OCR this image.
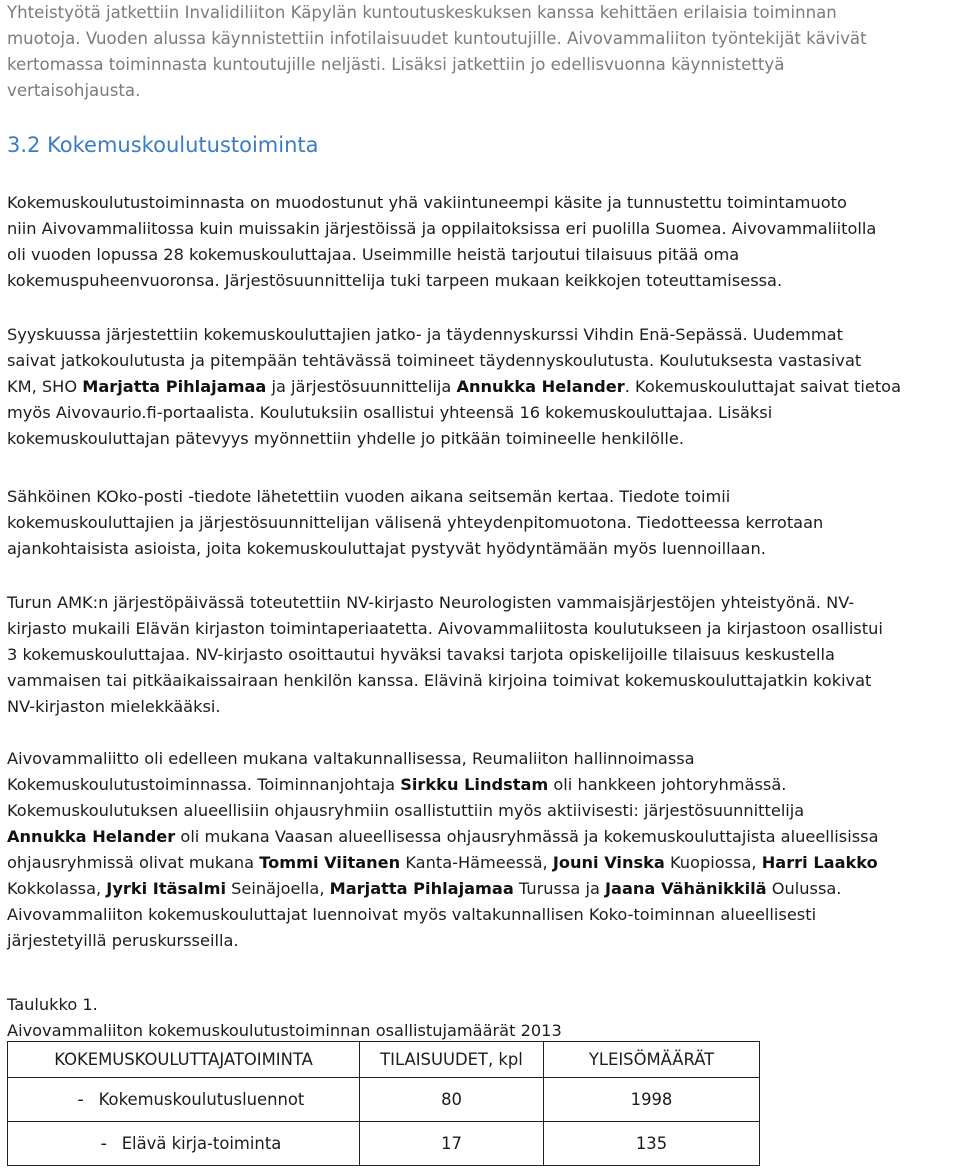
Yhteistyötä jatkettiin Invalidiliiton Käpylän kuntoutuskeskuksen kanssa kehittäen erilaisia toiminnan
muotoja. Vuoden alussa käynnistettiin infotilaisuudet kuntoutujille. Aivovammaliiton työntekijät kävivät
kertomassa toiminnasta kuntoutujille neljästi. Lisäksi jatkettiin jo edellisvuonna käynnistettyä
vertaisohjausta.

3.2 Kokemuskoulutustoiminta

Kokemuskoulutustoiminnasta on muodostunut yhä vakiintuneempi käsite ja tunnustettu toimintamuoto
niin Aivovammaliitossa kuin muissakin järjestöissä ja oppilaitoksissa eri puolilla Suomea. Aivovammaliitolla
oli vuoden lopussa 28 kokemuskouluttajaa. Useimmille heistä tarjoutui tilaisuus pitää oma
kokemuspuheenvuoronsa. Järjestösuunnittelija tuki tarpeen mukaan keikkojen toteuttamisessa.

Syyskuussa järjestettiin kokemuskouluttajien jatko- ja täydennyskurssi Vihdin Enä-Sepässä. Uudemmat
saivat jatkokoulutusta ja pitempään tehtävässä toimineet täydennyskoulutusta. Koulutuksesta vastasivat
KM, SHO Marjatta Pihlajamaa ja järjestösuunnittelija Annukka Helander. Kokemuskouluttajat saivat tietoa
myös Aivovaurio.fi-portaalista. Koulutuksiin osallistui yhteensä 16 kokemuskouluttajaa. Lisäksi
kokemuskouluttajan pätevyys myönnettiin yhdelle jo pitkään toimineelle henkilölle.

Sähköinen KOko-posti -tiedote lähetettiin vuoden aikana seitsemän kertaa. Tiedote toimii
kokemuskouluttajien ja järjestösuunnittelijan välisenä yhteydenpitomuotona. Tiedotteessa kerrotaan
ajankohtaisista asioista, joita kokemuskouluttajat pystyvät hyödyntämään myös luennoillaan.

Turun AMK:n järjestöpäivässä toteutettiin NV-kirjasto Neurologisten vammaisjärjestöjen yhteistyönä. NV-
kirjasto mukaili Elävän kirjaston toimintaperiaatetta. Aivovammaliitosta koulutukseen ja kirjastoon osallistui
3 kokemuskouluttajaa. NV-kirjasto osoittautui hyväksi tavaksi tarjota opiskelijoille tilaisuus keskustella
vammaisen tai pitkäaikaissairaan henkilön kanssa. Elävinä kirjoina toimivat kokemuskouluttajatkin kokivat
NV-kirjaston mielekkääksi.

Aivovammaliitto oli edelleen mukana valtakunnallisessa, Reumaliiton hallinnoimassa
Kokemuskoulutustoiminnassa. Toiminnanjohtaja Sirkku Lindstam oli hankkeen johtoryhmässä.
Kokemuskoulutuksen alueellisiin ohjausryhmiin osallistuttiin myös aktiivisesti: järjestösuunnittelija
Annukka Helander oli mukana Vaasan alueellisessa ohjausryhmässä ja kokemuskouluttajista alueellisissa
ohjausryhmissä olivat mukana Tommi Viitanen Kanta-Hämeessä, Jouni Vinska Kuopiossa, Harri Laakko
Kokkolassa, Jyrki Itäsalmi Seinäjoella, Marjatta Pihlajamaa Turussa ja Jaana Vähänikkilä Oulussa.
Aivovammaliiton kokemuskouluttajat luennoivat myös valtakunnallisen Koko-toiminnan alueellisesti
järjestetyillä peruskursseilla.

Taulukko 1.
Aivovammaliiton kokemuskoulutustoiminnan osallistujamäärät 2013

KOKEMUSKOULUTTAJATOIMINTA	TILAISUUDET, kpl	YLEISÖMÄÄRÄT
- Kokemuskoulutusluennot	80	1998
- Elävä kirja-toiminta	17	135
